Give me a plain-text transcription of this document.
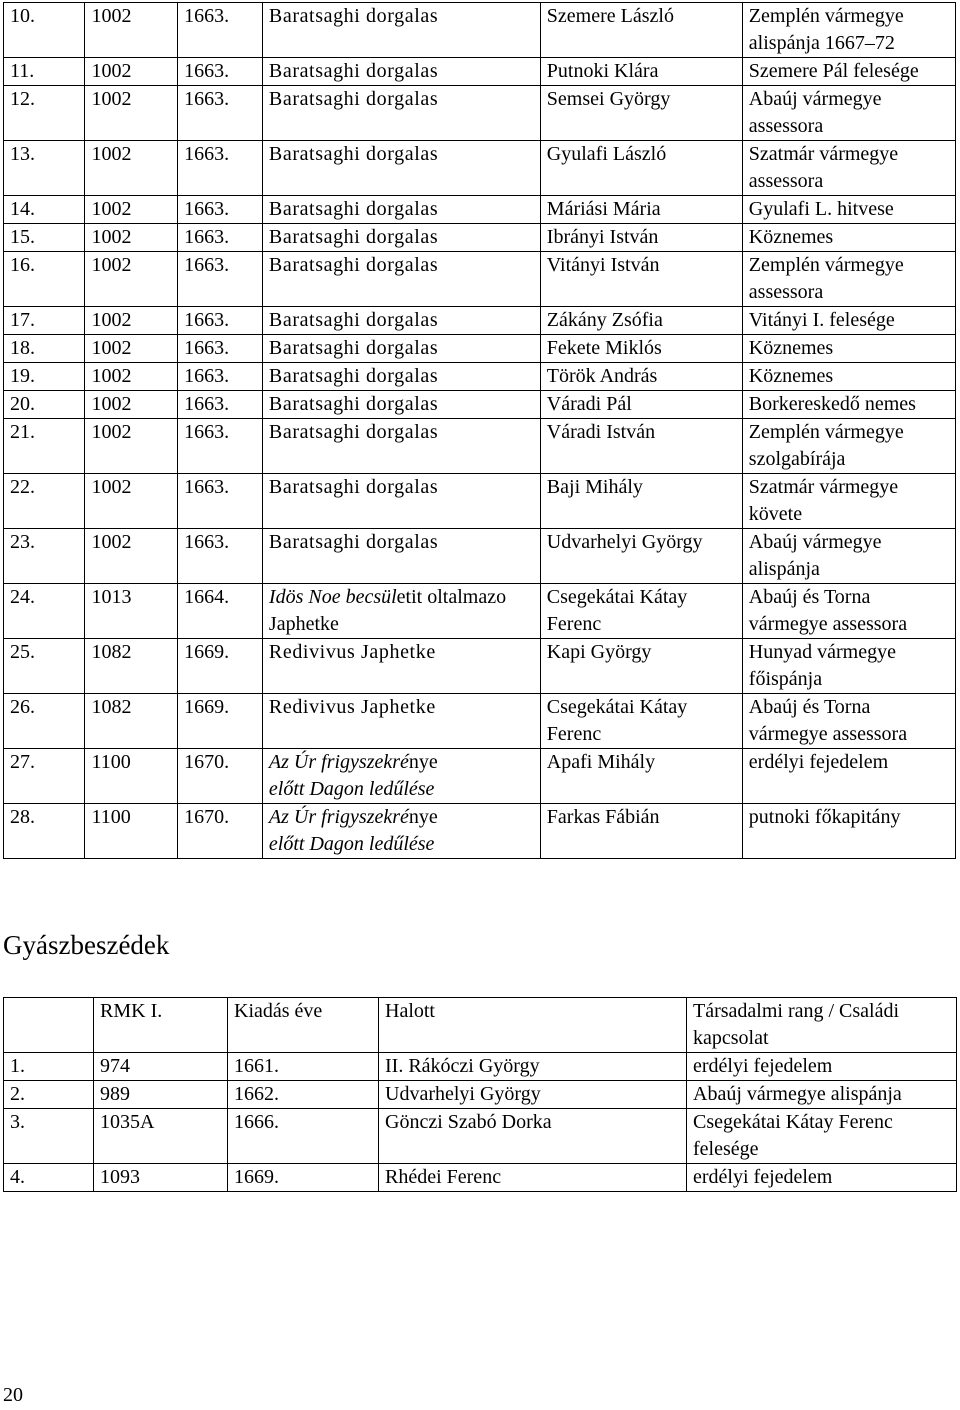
10.	1002	1663.	Baratsaghi dorgalas	Szemere László	Zemplén vármegye alispánja 1667–72
11.	1002	1663.	Baratsaghi dorgalas	Putnoki Klára	Szemere Pál felesége
12.	1002	1663.	Baratsaghi dorgalas	Semsei György	Abaúj vármegye assessora
13.	1002	1663.	Baratsaghi dorgalas	Gyulafi László	Szatmár vármegye assessora
14.	1002	1663.	Baratsaghi dorgalas	Máriási Mária	Gyulafi L. hitvese
15.	1002	1663.	Baratsaghi dorgalas	Ibrányi István	Köznemes
16.	1002	1663.	Baratsaghi dorgalas	Vitányi István	Zemplén vármegye assessora
17.	1002	1663.	Baratsaghi dorgalas	Zákány Zsófia	Vitányi I. felesége
18.	1002	1663.	Baratsaghi dorgalas	Fekete Miklós	Köznemes
19.	1002	1663.	Baratsaghi dorgalas	Török András	Köznemes
20.	1002	1663.	Baratsaghi dorgalas	Váradi Pál	Borkereskedő nemes
21.	1002	1663.	Baratsaghi dorgalas	Váradi István	Zemplén vármegye szolgabírája
22.	1002	1663.	Baratsaghi dorgalas	Baji Mihály	Szatmár vármegye követe
23.	1002	1663.	Baratsaghi dorgalas	Udvarhelyi György	Abaúj vármegye alispánja
24.	1013	1664.	Idös Noe becsületit oltalmazo Japhetke	Csegekátai Kátay Ferenc	Abaúj és Torna vármegye assessora
25.	1082	1669.	Redivivus Japhetke	Kapi György	Hunyad vármegye főispánja
26.	1082	1669.	Redivivus Japhetke	Csegekátai Kátay Ferenc	Abaúj és Torna vármegye assessora
27.	1100	1670.	Az Úr frigyszekrénye
előtt Dagon ledűlése	Apafi Mihály	erdélyi fejedelem
28.	1100	1670.	Az Úr frigyszekrénye
előtt Dagon ledűlése	Farkas Fábián	putnoki főkapitány
Gyászbeszédek
	RMK I.	Kiadás éve	Halott	Társadalmi rang / Családi kapcsolat
1.	974	1661.	II. Rákóczi György	erdélyi fejedelem
2.	989	1662.	Udvarhelyi György	Abaúj vármegye alispánja
3.	1035A	1666.	Gönczi Szabó Dorka	Csegekátai Kátay Ferenc felesége
4.	1093	1669.	Rhédei Ferenc	erdélyi fejedelem
20
